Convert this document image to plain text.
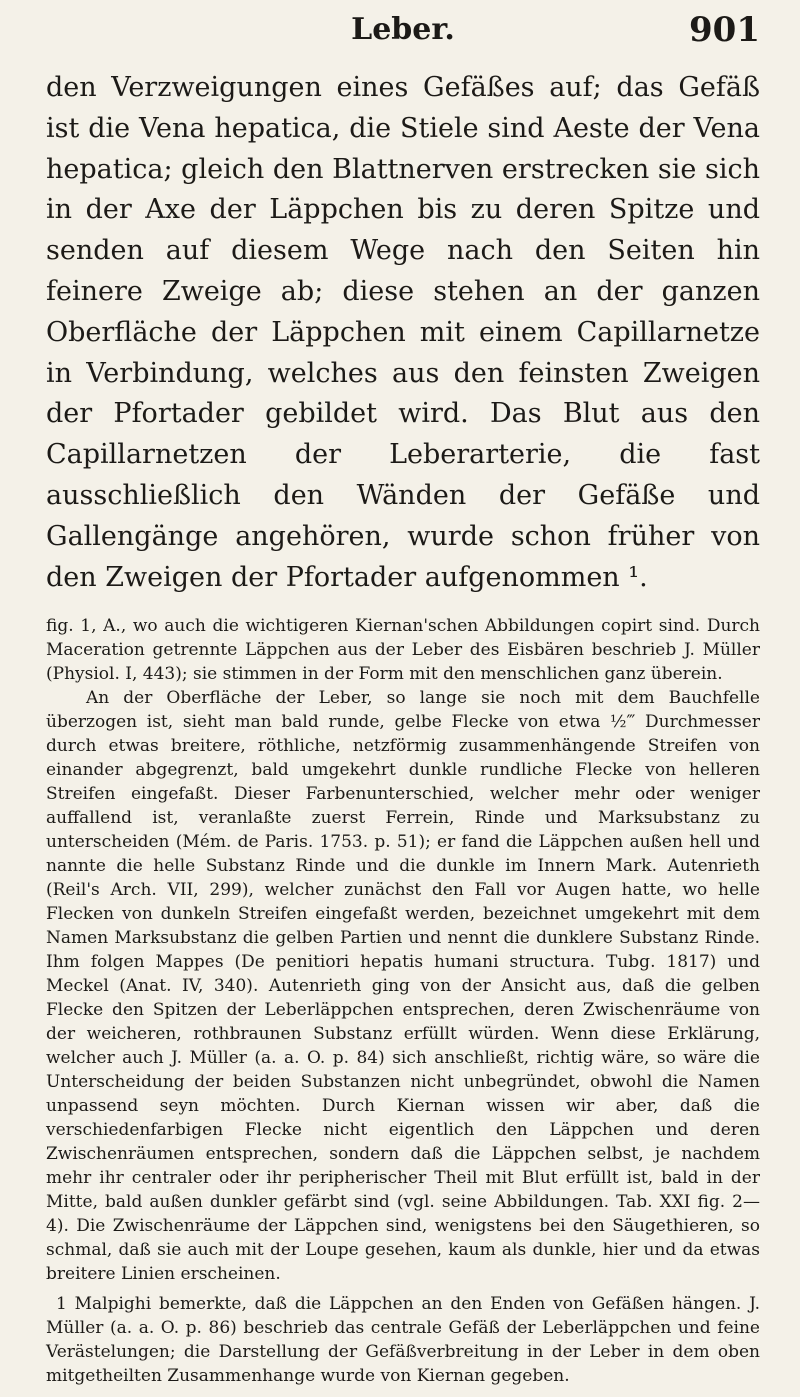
Leber.	901

den Verzweigungen eines Gefäßes auf; das Gefäß ist die Vena hepatica, die Stiele sind Aeste der Vena hepatica; gleich den Blattnerven erstrecken sie sich in der Axe der Läppchen bis zu deren Spitze und senden auf diesem Wege nach den Seiten hin feinere Zweige ab; diese stehen an der ganzen Oberfläche der Läppchen mit einem Capillarnetze in Verbindung, welches aus den feinsten Zweigen der Pfortader gebildet wird. Das Blut aus den Capillarnetzen der Leberarterie, die fast ausschließlich den Wänden der Gefäße und Gallengänge angehören, wurde schon früher von den Zweigen der Pfortader aufgenommen ¹.

fig. 1, A., wo auch die wichtigeren Kiernan'schen Abbildungen copirt sind. Durch Maceration getrennte Läppchen aus der Leber des Eisbären beschrieb J. Müller (Physiol. I, 443); sie stimmen in der Form mit den menschlichen ganz überein.

An der Oberfläche der Leber, so lange sie noch mit dem Bauchfelle überzogen ist, sieht man bald runde, gelbe Flecke von etwa ½‴ Durchmesser durch etwas breitere, röthliche, netzförmig zusammenhängende Streifen von einander abgegrenzt, bald umgekehrt dunkle rundliche Flecke von helleren Streifen eingefaßt. Dieser Farbenunterschied, welcher mehr oder weniger auffallend ist, veranlaßte zuerst Ferrein, Rinde und Marksubstanz zu unterscheiden (Mém. de Paris. 1753. p. 51); er fand die Läppchen außen hell und nannte die helle Substanz Rinde und die dunkle im Innern Mark. Autenrieth (Reil's Arch. VII, 299), welcher zunächst den Fall vor Augen hatte, wo helle Flecken von dunkeln Streifen eingefaßt werden, bezeichnet umgekehrt mit dem Namen Marksubstanz die gelben Partien und nennt die dunklere Substanz Rinde. Ihm folgen Mappes (De penitiori hepatis humani structura. Tubg. 1817) und Meckel (Anat. IV, 340). Autenrieth ging von der Ansicht aus, daß die gelben Flecke den Spitzen der Leberläppchen entsprechen, deren Zwischenräume von der weicheren, rothbraunen Substanz erfüllt würden. Wenn diese Erklärung, welcher auch J. Müller (a. a. O. p. 84) sich anschließt, richtig wäre, so wäre die Unterscheidung der beiden Substanzen nicht unbegründet, obwohl die Namen unpassend seyn möchten. Durch Kiernan wissen wir aber, daß die verschiedenfarbigen Flecke nicht eigentlich den Läppchen und deren Zwischenräumen entsprechen, sondern daß die Läppchen selbst, je nachdem mehr ihr centraler oder ihr peripherischer Theil mit Blut erfüllt ist, bald in der Mitte, bald außen dunkler gefärbt sind (vgl. seine Abbildungen. Tab. XXI fig. 2—4). Die Zwischenräume der Läppchen sind, wenigstens bei den Säugethieren, so schmal, daß sie auch mit der Loupe gesehen, kaum als dunkle, hier und da etwas breitere Linien erscheinen.

1 Malpighi bemerkte, daß die Läppchen an den Enden von Gefäßen hängen. J. Müller (a. a. O. p. 86) beschrieb das centrale Gefäß der Leberläppchen und feine Verästelungen; die Darstellung der Gefäßverbreitung in der Leber in dem oben mitgetheilten Zusammenhange wurde von Kiernan gegeben.
